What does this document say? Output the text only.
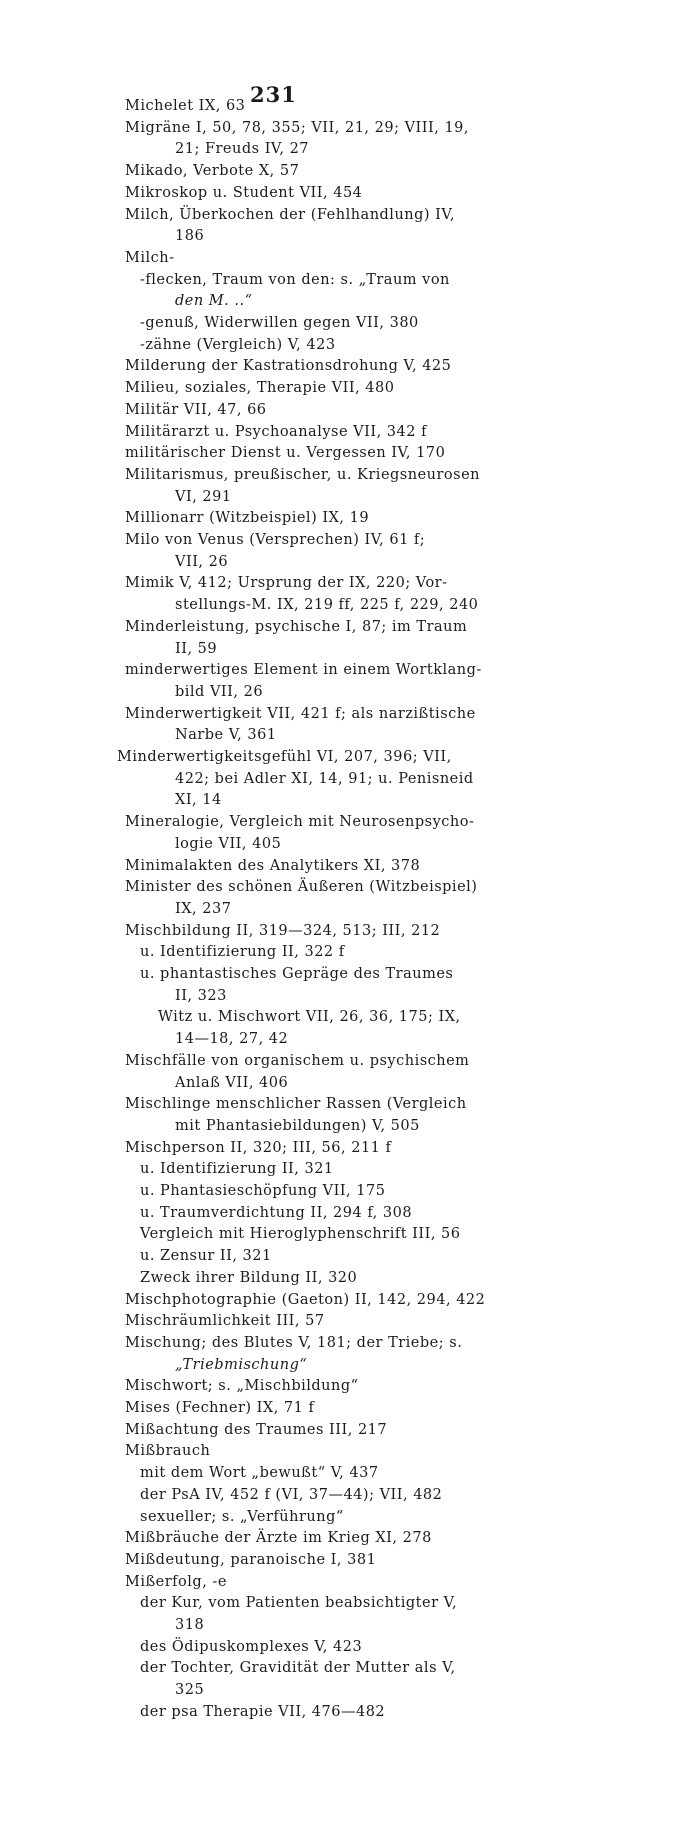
231
Michelet IX, 63
Migräne I, 50, 78, 355; VII, 21, 29; VIII, 19,
21; Freuds IV, 27
Mikado, Verbote X, 57
Mikroskop u. Student VII, 454
Milch, Überkochen der (Fehlhandlung) IV,
186
Milch-
-flecken, Traum von den: s. „Traum von
den M. ..“
-genuß, Widerwillen gegen VII, 380
-zähne (Vergleich) V, 423
Milderung der Kastrationsdrohung V, 425
Milieu, soziales, Therapie VII, 480
Militär VII, 47, 66
Militärarzt u. Psychoanalyse VII, 342 f
militärischer Dienst u. Vergessen IV, 170
Militarismus, preußischer, u. Kriegsneurosen
VI, 291
Millionarr (Witzbeispiel) IX, 19
Milo von Venus (Versprechen) IV, 61 f;
VII, 26
Mimik V, 412; Ursprung der IX, 220; Vor-
stellungs-M. IX, 219 ff, 225 f, 229, 240
Minderleistung, psychische I, 87; im Traum
II, 59
minderwertiges Element in einem Wortklang-
bild VII, 26
Minderwertigkeit VII, 421 f; als narzißtische
Narbe V, 361
Minderwertigkeitsgefühl VI, 207, 396; VII,
422; bei Adler XI, 14, 91; u. Penisneid
XI, 14
Mineralogie, Vergleich mit Neurosenpsycho-
logie VII, 405
Minimalakten des Analytikers XI, 378
Minister des schönen Äußeren (Witzbeispiel)
IX, 237
Mischbildung II, 319—324, 513; III, 212
u. Identifizierung II, 322 f
u. phantastisches Gepräge des Traumes
II, 323
Witz u. Mischwort VII, 26, 36, 175; IX,
14—18, 27, 42
Mischfälle von organischem u. psychischem
Anlaß VII, 406
Mischlinge menschlicher Rassen (Vergleich
mit Phantasiebildungen) V, 505
Mischperson II, 320; III, 56, 211 f
u. Identifizierung II, 321
u. Phantasieschöpfung VII, 175
u. Traumverdichtung II, 294 f, 308
Vergleich mit Hieroglyphenschrift III, 56
u. Zensur II, 321
Zweck ihrer Bildung II, 320
Mischphotographie (Gaeton) II, 142, 294, 422
Mischräumlichkeit III, 57
Mischung; des Blutes V, 181; der Triebe; s.
„Triebmischung“
Mischwort; s. „Mischbildung“
Mises (Fechner) IX, 71 f
Mißachtung des Traumes III, 217
Mißbrauch
mit dem Wort „bewußt“ V, 437
der PsA IV, 452 f (VI, 37—44); VII, 482
sexueller; s. „Verführung“
Mißbräuche der Ärzte im Krieg XI, 278
Mißdeutung, paranoische I, 381
Mißerfolg, -e
der Kur, vom Patienten beabsichtigter V,
318
des Ödipuskomplexes V, 423
der Tochter, Gravidität der Mutter als V,
325
der psa Therapie VII, 476—482
